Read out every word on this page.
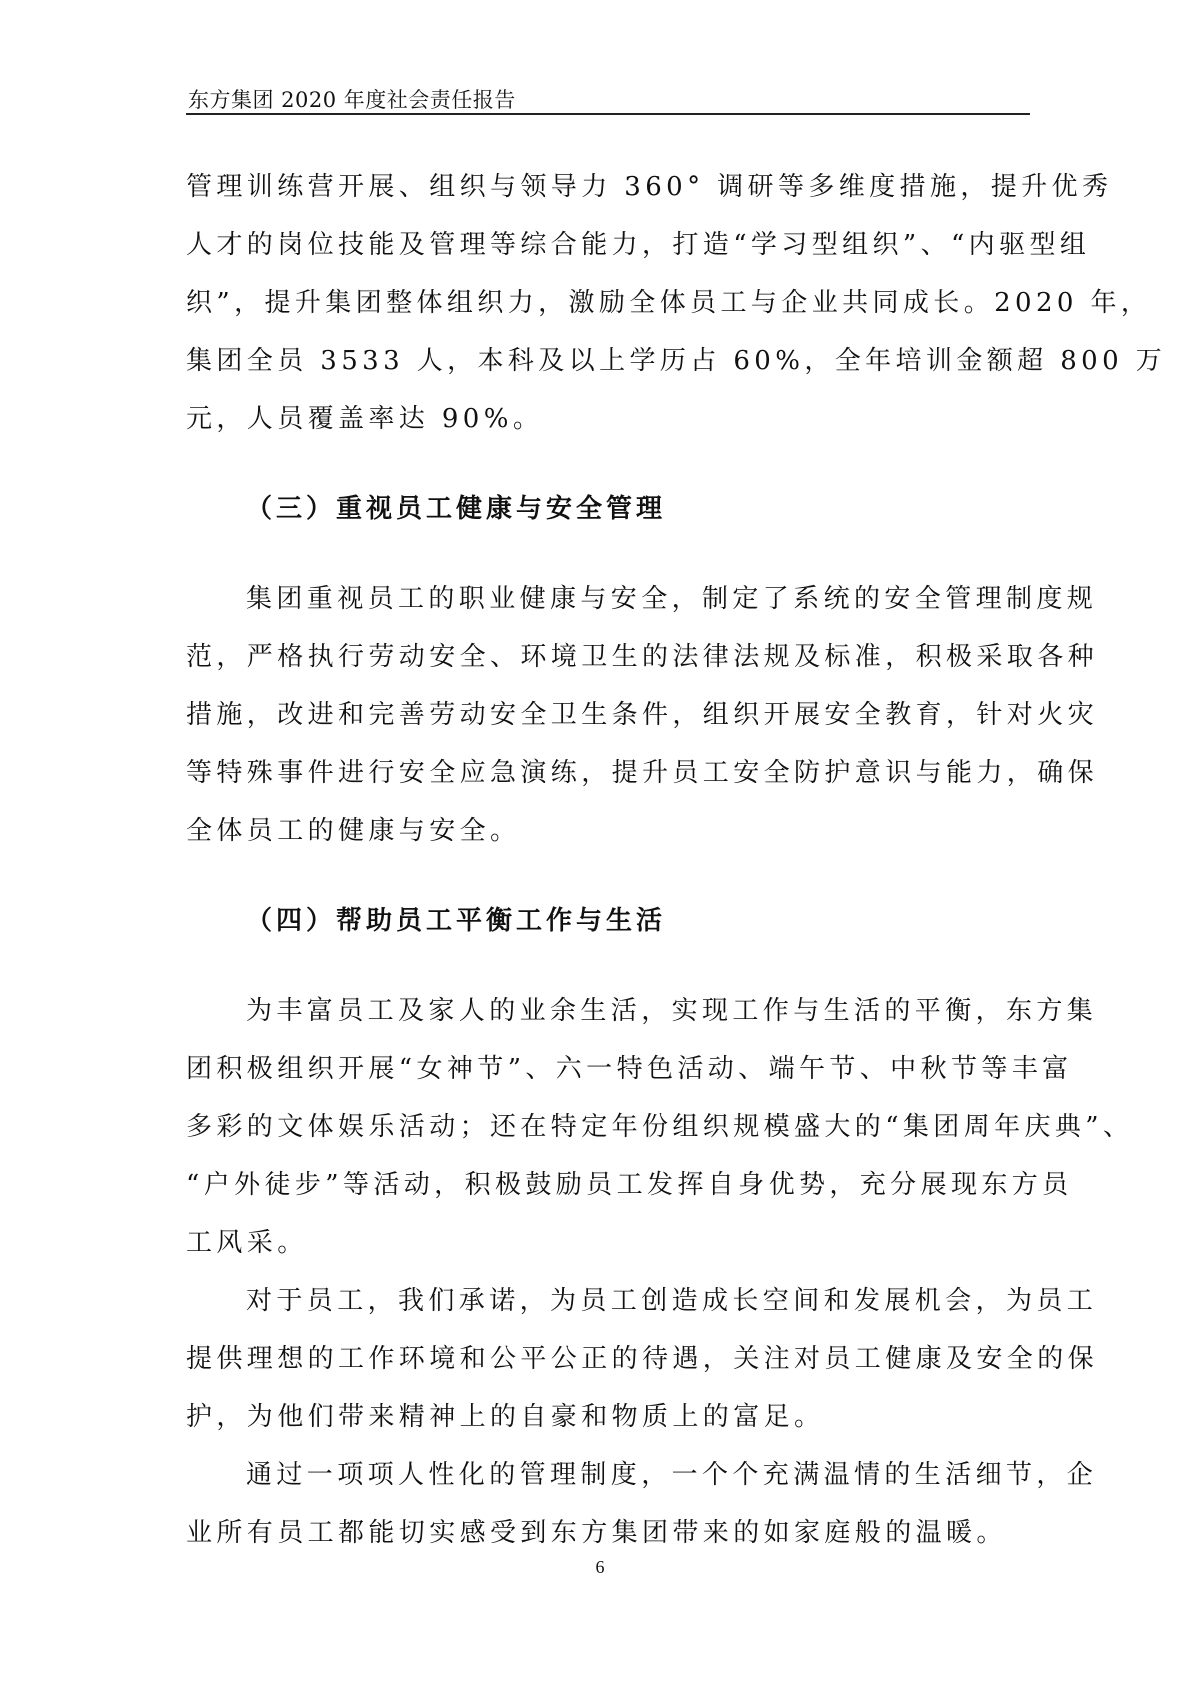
东方集团 2020 年度社会责任报告
管理训练营开展、组织与领导力 360° 调研等多维度措施，提升优秀
人才的岗位技能及管理等综合能力，打造“学习型组织”、“内驱型组
织”，提升集团整体组织力，激励全体员工与企业共同成长。2020 年，
集团全员 3533 人，本科及以上学历占 60%，全年培训金额超 800 万
元，人员覆盖率达 90%。
（三）重视员工健康与安全管理
集团重视员工的职业健康与安全，制定了系统的安全管理制度规
范，严格执行劳动安全、环境卫生的法律法规及标准，积极采取各种
措施，改进和完善劳动安全卫生条件，组织开展安全教育，针对火灾
等特殊事件进行安全应急演练，提升员工安全防护意识与能力，确保
全体员工的健康与安全。
（四）帮助员工平衡工作与生活
为丰富员工及家人的业余生活，实现工作与生活的平衡，东方集
团积极组织开展“女神节”、六一特色活动、端午节、中秋节等丰富
多彩的文体娱乐活动；还在特定年份组织规模盛大的“集团周年庆典”、
“户外徒步”等活动，积极鼓励员工发挥自身优势，充分展现东方员
工风采。
对于员工，我们承诺，为员工创造成长空间和发展机会，为员工
提供理想的工作环境和公平公正的待遇，关注对员工健康及安全的保
护，为他们带来精神上的自豪和物质上的富足。
通过一项项人性化的管理制度，一个个充满温情的生活细节，企
业所有员工都能切实感受到东方集团带来的如家庭般的温暖。
6
